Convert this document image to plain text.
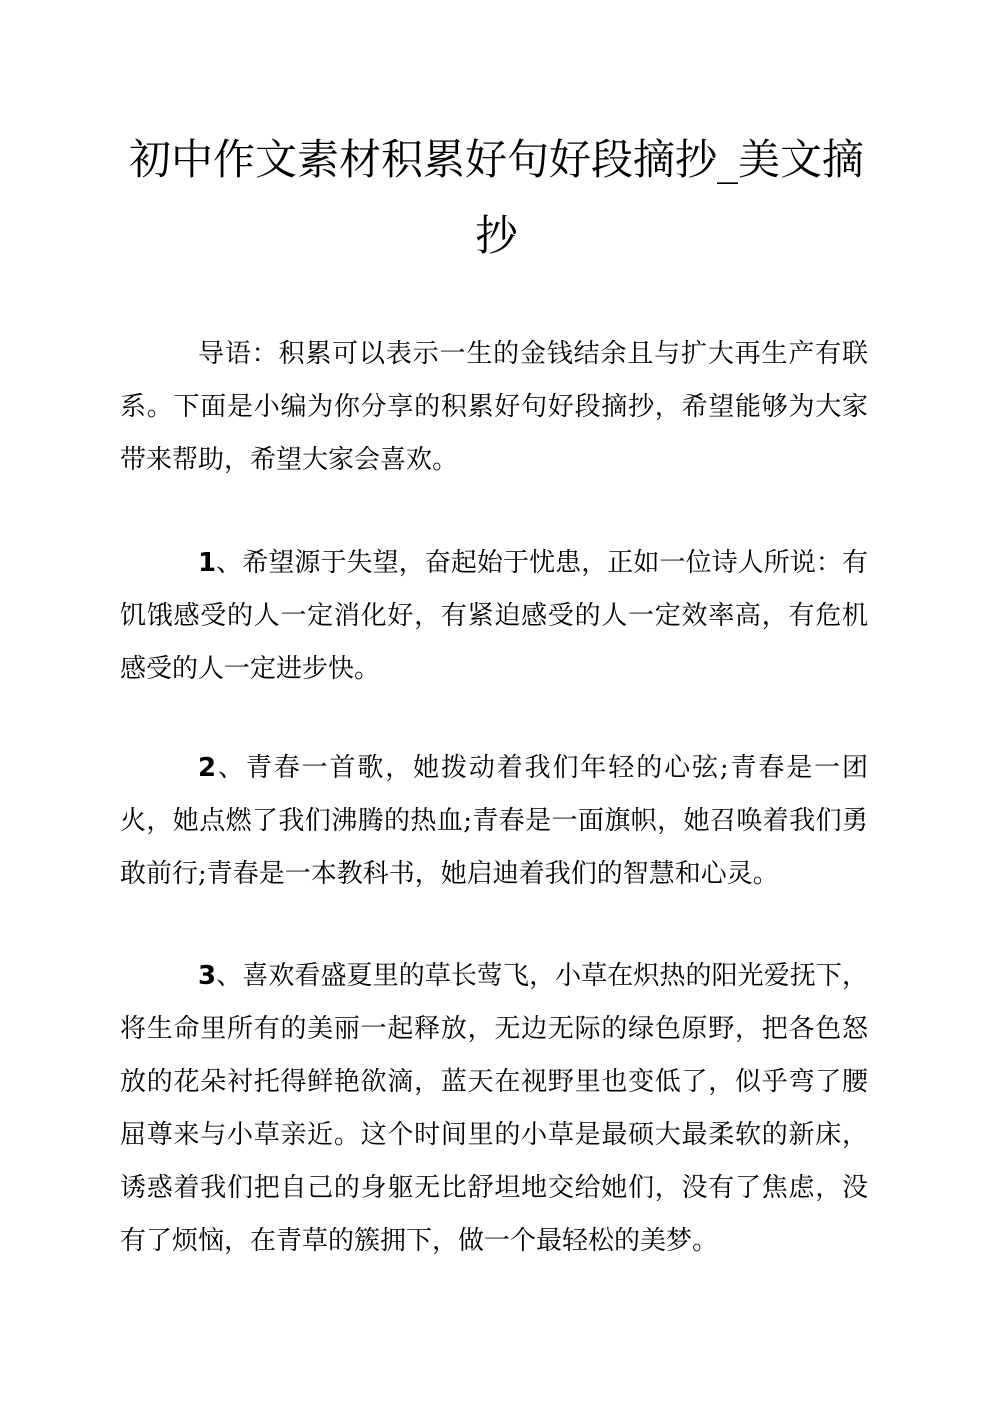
初中作文素材积累好句好段摘抄_美文摘抄

导语：积累可以表示一生的金钱结余且与扩大再生产有联系。下面是小编为你分享的积累好句好段摘抄，希望能够为大家带来帮助，希望大家会喜欢。

1、希望源于失望，奋起始于忧患，正如一位诗人所说：有饥饿感受的人一定消化好，有紧迫感受的人一定效率高，有危机感受的人一定进步快。

2、青春一首歌，她拨动着我们年轻的心弦;青春是一团火，她点燃了我们沸腾的热血;青春是一面旗帜，她召唤着我们勇敢前行;青春是一本教科书，她启迪着我们的智慧和心灵。

3、喜欢看盛夏里的草长莺飞，小草在炽热的阳光爱抚下，将生命里所有的美丽一起释放，无边无际的绿色原野，把各色怒放的花朵衬托得鲜艳欲滴，蓝天在视野里也变低了，似乎弯了腰屈尊来与小草亲近。这个时间里的小草是最硕大最柔软的新床，诱惑着我们把自己的身躯无比舒坦地交给她们，没有了焦虑，没有了烦恼，在青草的簇拥下，做一个最轻松的美梦。
